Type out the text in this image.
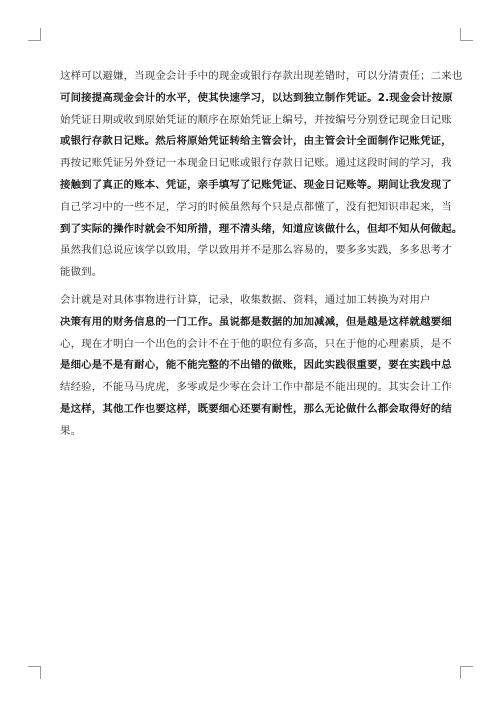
这样可以避嫌，当现金会计手中的现金或银行存款出现差错时，可以分清责任；二来也
可间接提高现金会计的水平，使其快速学习，以达到独立制作凭证。2.现金会计按原
始凭证日期或收到原始凭证的顺序在原始凭证上编号，并按编号分别登记现金日记账
或银行存款日记账。然后将原始凭证转给主管会计，由主管会计全面制作记账凭证，
再按记账凭证另外登记一本现金日记账或银行存款日记账。通过这段时间的学习，我
接触到了真正的账本、凭证，亲手填写了记账凭证、现金日记账等。期间让我发现了
自己学习中的一些不足，学习的时候虽然每个只是点都懂了，没有把知识串起来，当
到了实际的操作时就会不知所措，理不清头绪，知道应该做什么，但却不知从何做起。
虽然我们总说应该学以致用，学以致用并不是那么容易的，要多多实践，多多思考才
能做到。
会计就是对具体事物进行计算，记录，收集数据、资料，通过加工转换为对用户
决策有用的财务信息的一门工作。虽说都是数据的加加减减，但是越是这样就越要细
心，现在才明白一个出色的会计不在于他的职位有多高，只在于他的心理素质，是不
是细心是不是有耐心，能不能完整的不出错的做账，因此实践很重要，要在实践中总
结经验，不能马马虎虎，多零或是少零在会计工作中都是不能出现的。其实会计工作
是这样，其他工作也要这样，既要细心还要有耐性，那么无论做什么都会取得好的结
果。
